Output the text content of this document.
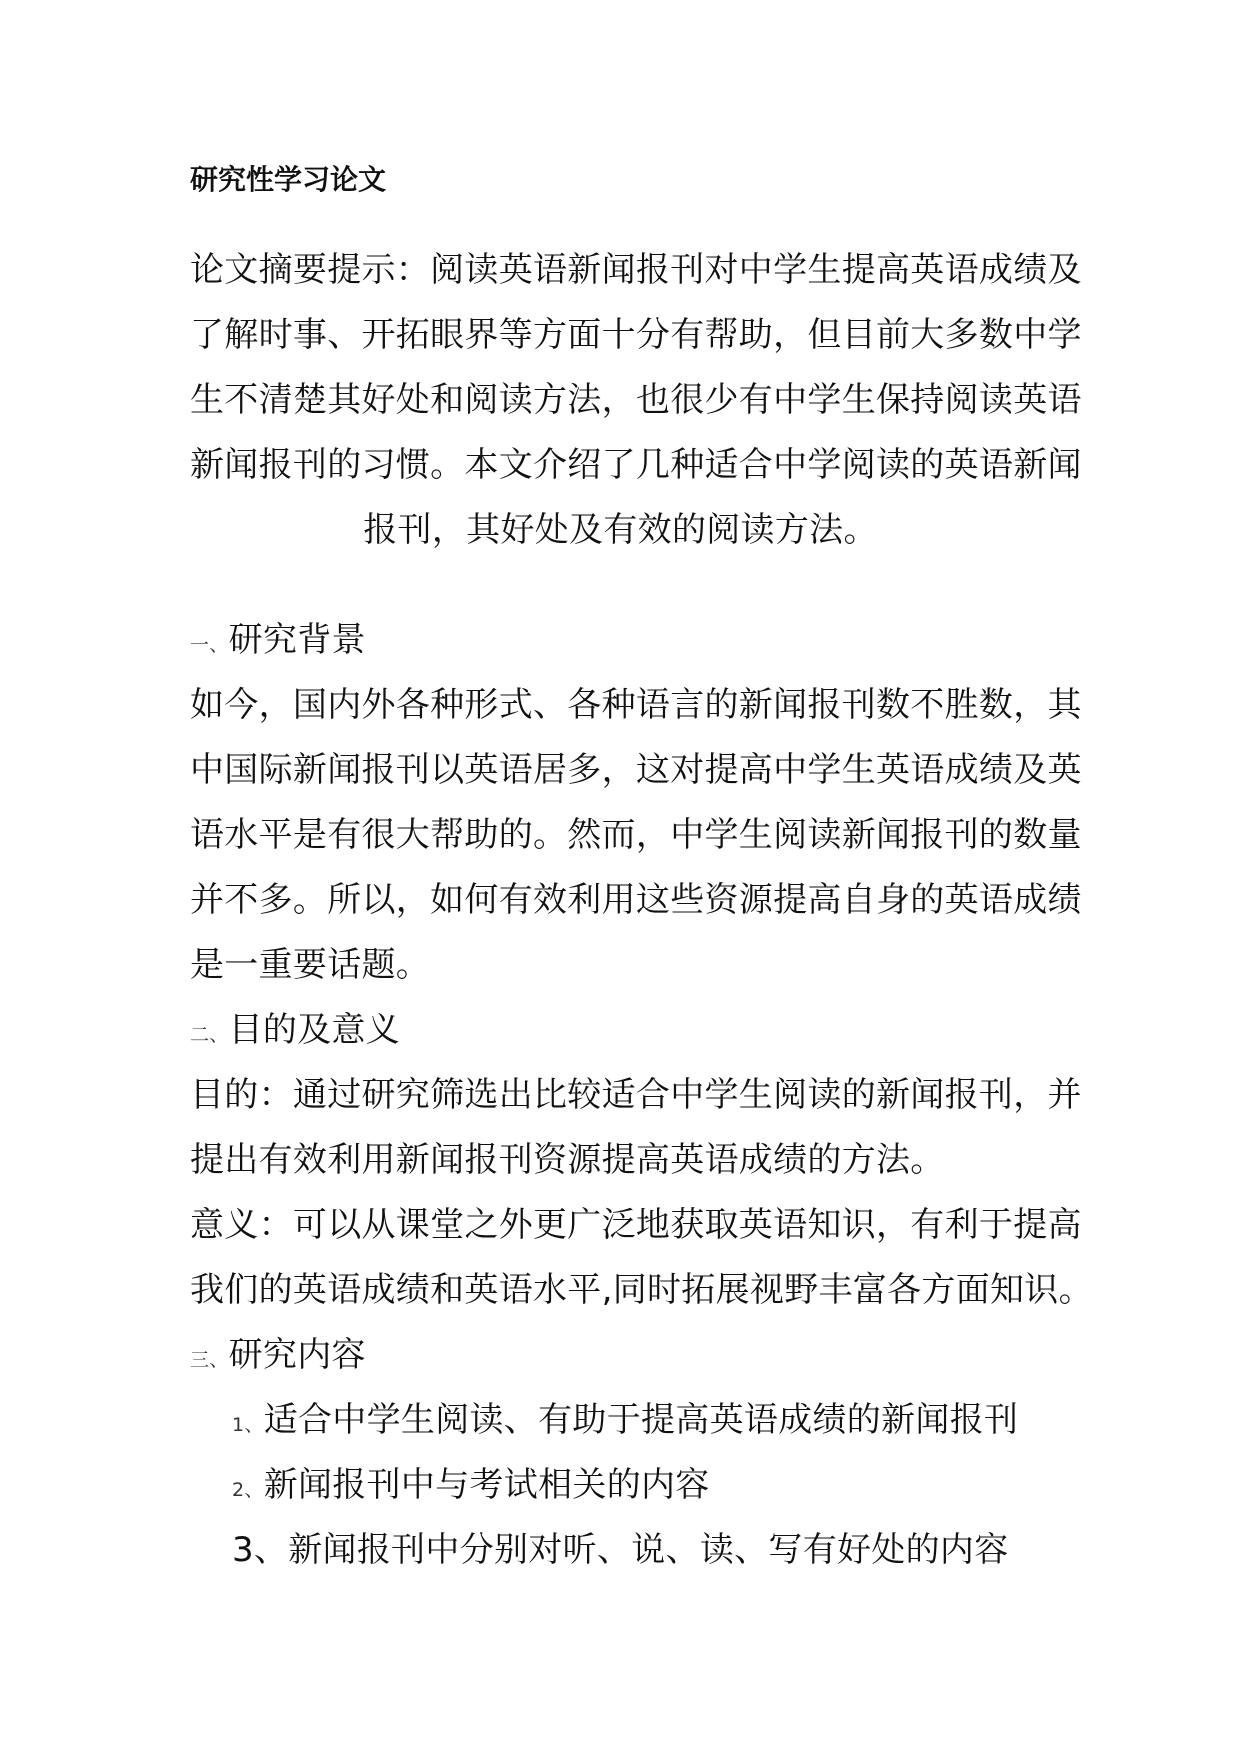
研究性学习论文
论文摘要提示：阅读英语新闻报刊对中学生提高英语成绩及
了解时事、开拓眼界等方面十分有帮助，但目前大多数中学
生不清楚其好处和阅读方法，也很少有中学生保持阅读英语
新闻报刊的习惯。本文介绍了几种适合中学阅读的英语新闻
报刊，其好处及有效的阅读方法。
一、研究背景
如今，国内外各种形式、各种语言的新闻报刊数不胜数，其
中国际新闻报刊以英语居多，这对提高中学生英语成绩及英
语水平是有很大帮助的。然而，中学生阅读新闻报刊的数量
并不多。所以，如何有效利用这些资源提高自身的英语成绩
是一重要话题。
二、目的及意义
目的：通过研究筛选出比较适合中学生阅读的新闻报刊，并
提出有效利用新闻报刊资源提高英语成绩的方法。
意义：可以从课堂之外更广泛地获取英语知识，有利于提高
我们的英语成绩和英语水平,同时拓展视野丰富各方面知识。
三、研究内容
1、适合中学生阅读、有助于提高英语成绩的新闻报刊
2、新闻报刊中与考试相关的内容
3、新闻报刊中分别对听、说、读、写有好处的内容
